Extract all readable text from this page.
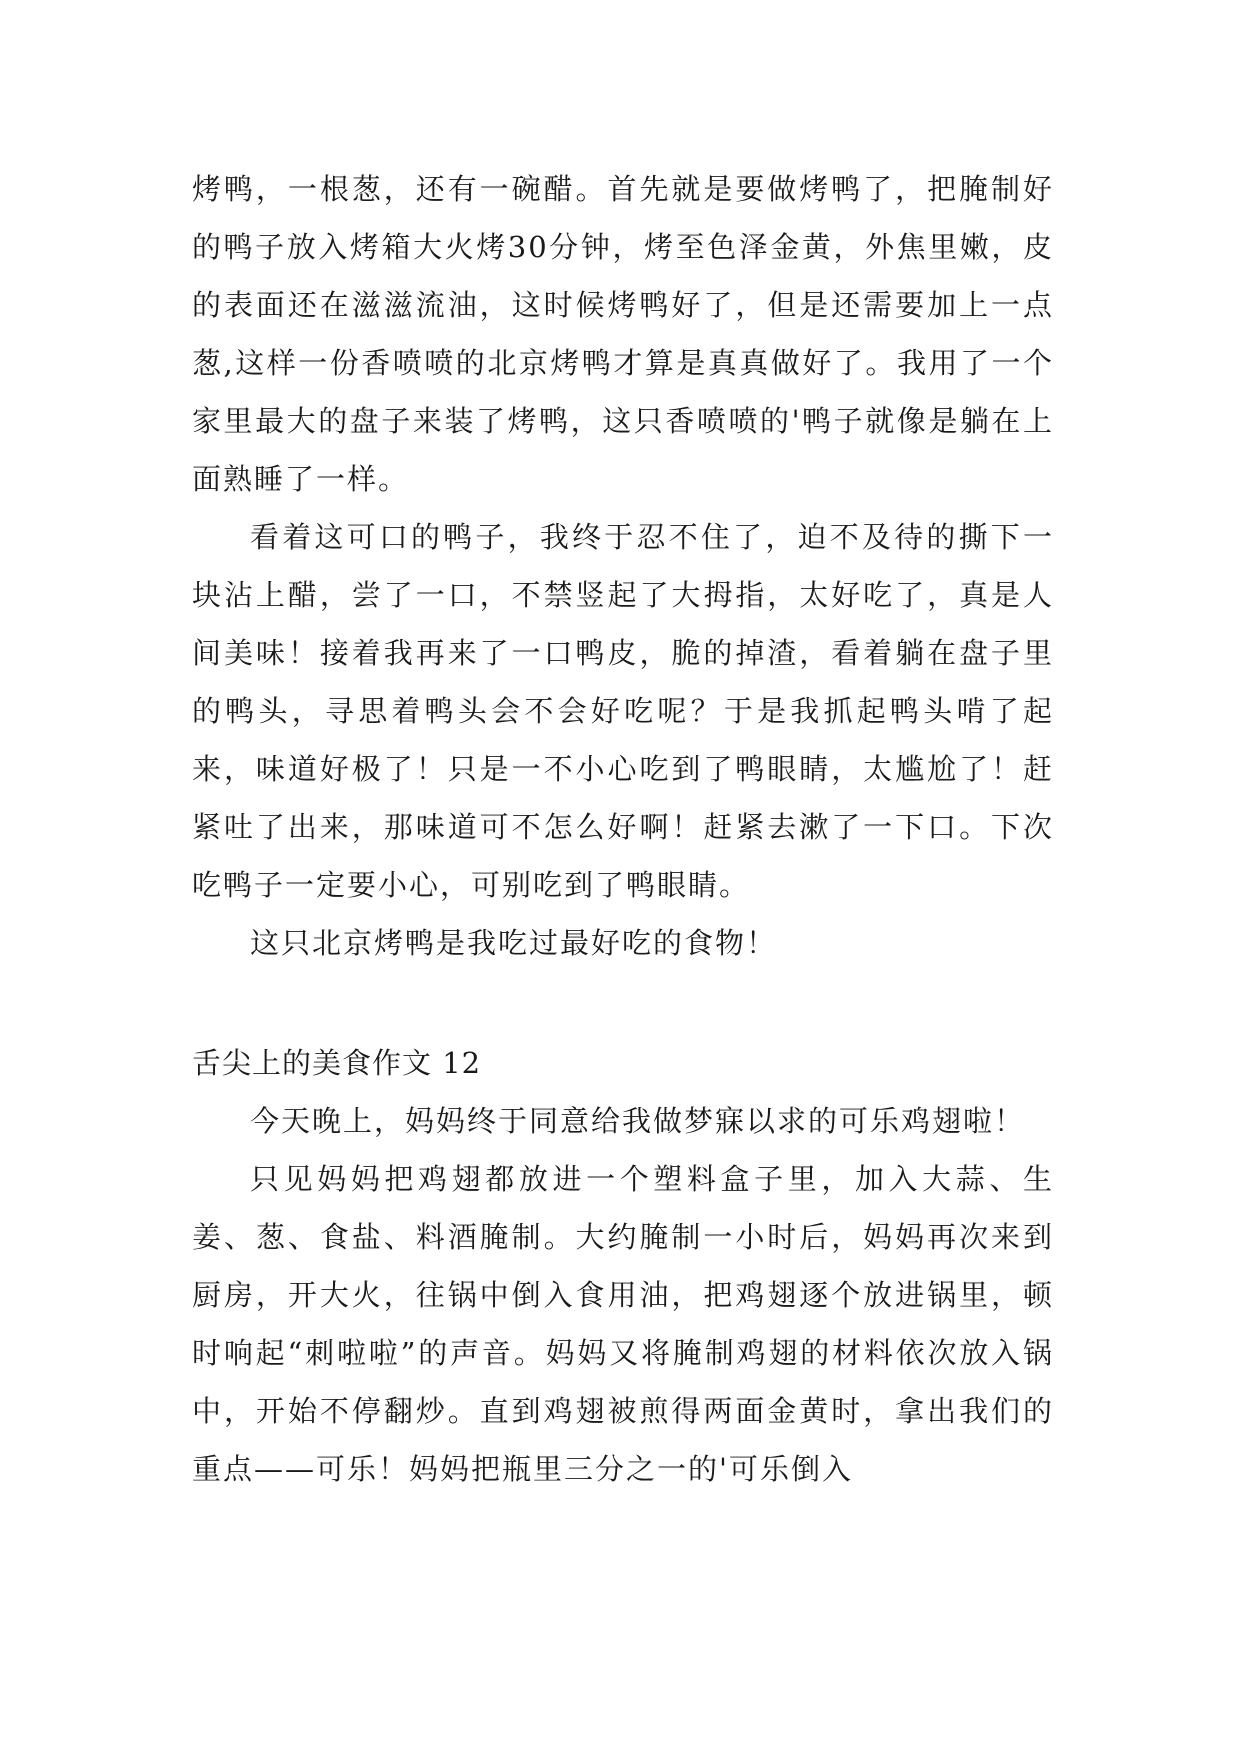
烤鸭，一根葱，还有一碗醋。首先就是要做烤鸭了，把腌制好的鸭子放入烤箱大火烤30分钟，烤至色泽金黄，外焦里嫩，皮的表面还在滋滋流油，这时候烤鸭好了，但是还需要加上一点葱,这样一份香喷喷的北京烤鸭才算是真真做好了。我用了一个家里最大的盘子来装了烤鸭，这只香喷喷的'鸭子就像是躺在上面熟睡了一样。

看着这可口的鸭子，我终于忍不住了，迫不及待的撕下一块沾上醋，尝了一口，不禁竖起了大拇指，太好吃了，真是人间美味！接着我再来了一口鸭皮，脆的掉渣，看着躺在盘子里的鸭头，寻思着鸭头会不会好吃呢？于是我抓起鸭头啃了起来，味道好极了！只是一不小心吃到了鸭眼睛，太尴尬了！赶紧吐了出来，那味道可不怎么好啊！赶紧去漱了一下口。下次吃鸭子一定要小心，可别吃到了鸭眼睛。

这只北京烤鸭是我吃过最好吃的食物！

舌尖上的美食作文 12

今天晚上，妈妈终于同意给我做梦寐以求的可乐鸡翅啦！

只见妈妈把鸡翅都放进一个塑料盒子里，加入大蒜、生姜、葱、食盐、料酒腌制。大约腌制一小时后，妈妈再次来到厨房，开大火，往锅中倒入食用油，把鸡翅逐个放进锅里，顿时响起“刺啦啦”的声音。妈妈又将腌制鸡翅的材料依次放入锅中，开始不停翻炒。直到鸡翅被煎得两面金黄时，拿出我们的重点——可乐！妈妈把瓶里三分之一的'可乐倒入
